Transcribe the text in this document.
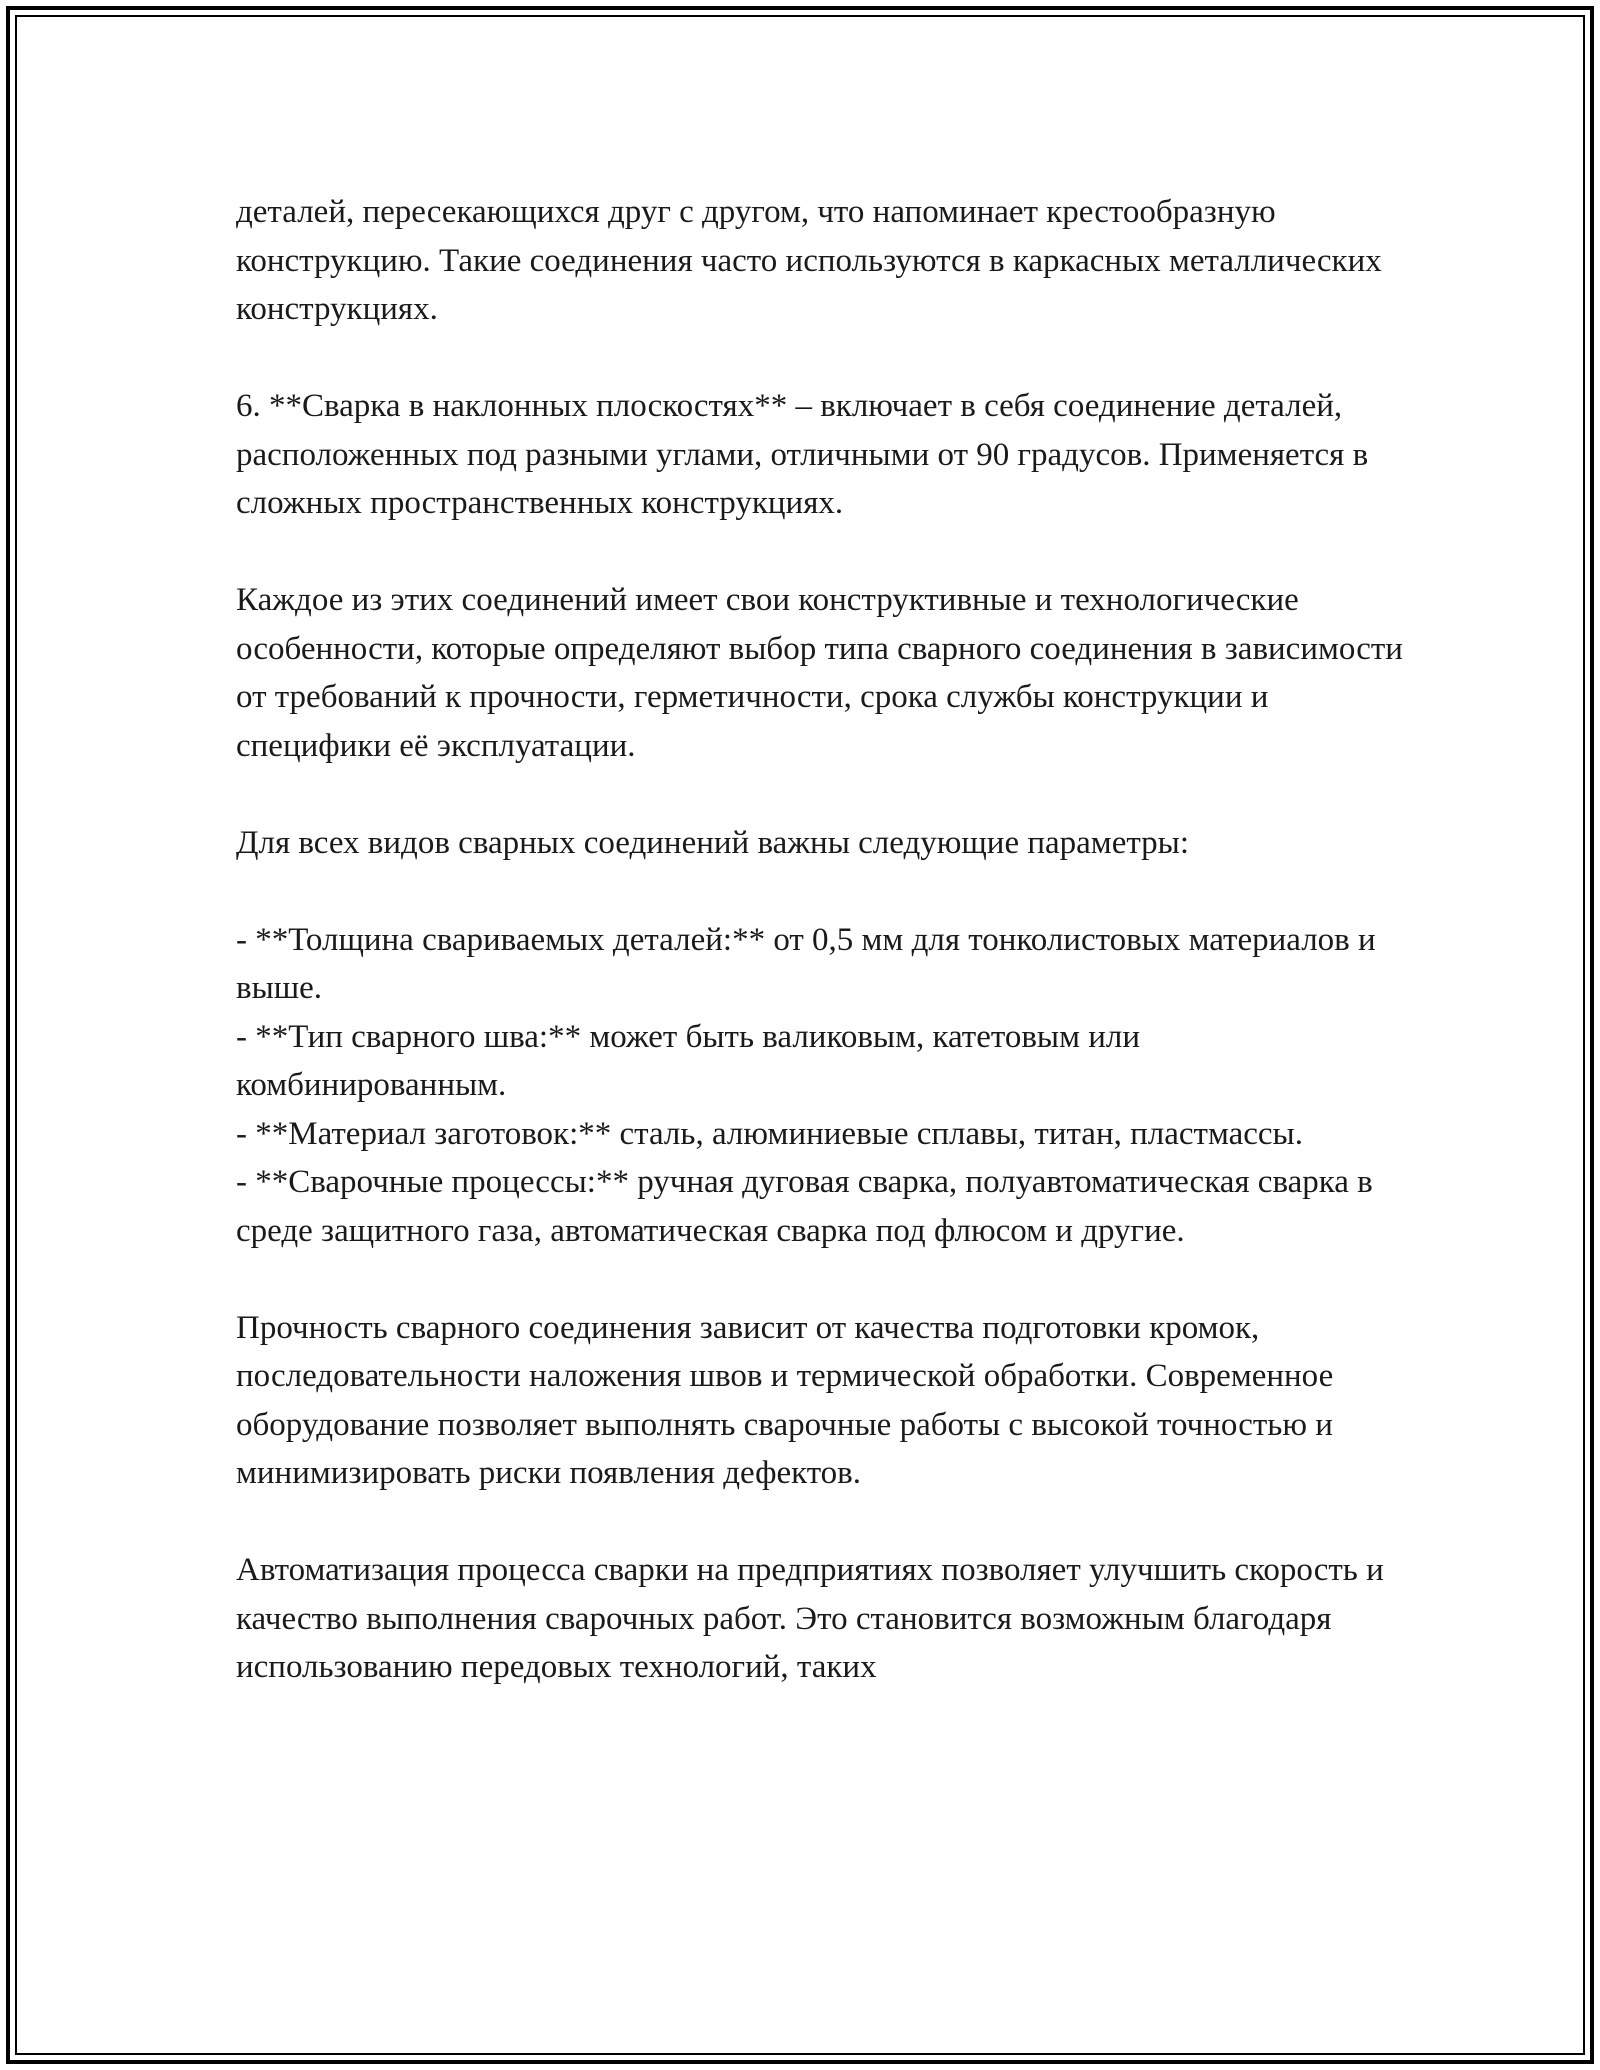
деталей, пересекающихся друг с другом, что напоминает крестообразную конструкцию. Такие соединения часто используются в каркасных металлических конструкциях.

6. **Сварка в наклонных плоскостях** – включает в себя соединение деталей, расположенных под разными углами, отличными от 90 градусов. Применяется в сложных пространственных конструкциях.

Каждое из этих соединений имеет свои конструктивные и технологические особенности, которые определяют выбор типа сварного соединения в зависимости от требований к прочности, герметичности, срока службы конструкции и специфики её эксплуатации.

Для всех видов сварных соединений важны следующие параметры:

- **Толщина свариваемых деталей:** от 0,5 мм для тонколистовых материалов и выше.
- **Тип сварного шва:** может быть валиковым, катетовым или комбинированным.
- **Материал заготовок:** сталь, алюминиевые сплавы, титан, пластмассы.
- **Сварочные процессы:** ручная дуговая сварка, полуавтоматическая сварка в среде защитного газа, автоматическая сварка под флюсом и другие.

Прочность сварного соединения зависит от качества подготовки кромок, последовательности наложения швов и термической обработки. Современное оборудование позволяет выполнять сварочные работы с высокой точностью и минимизировать риски появления дефектов.

Автоматизация процесса сварки на предприятиях позволяет улучшить скорость и качество выполнения сварочных работ. Это становится возможным благодаря использованию передовых технологий, таких
